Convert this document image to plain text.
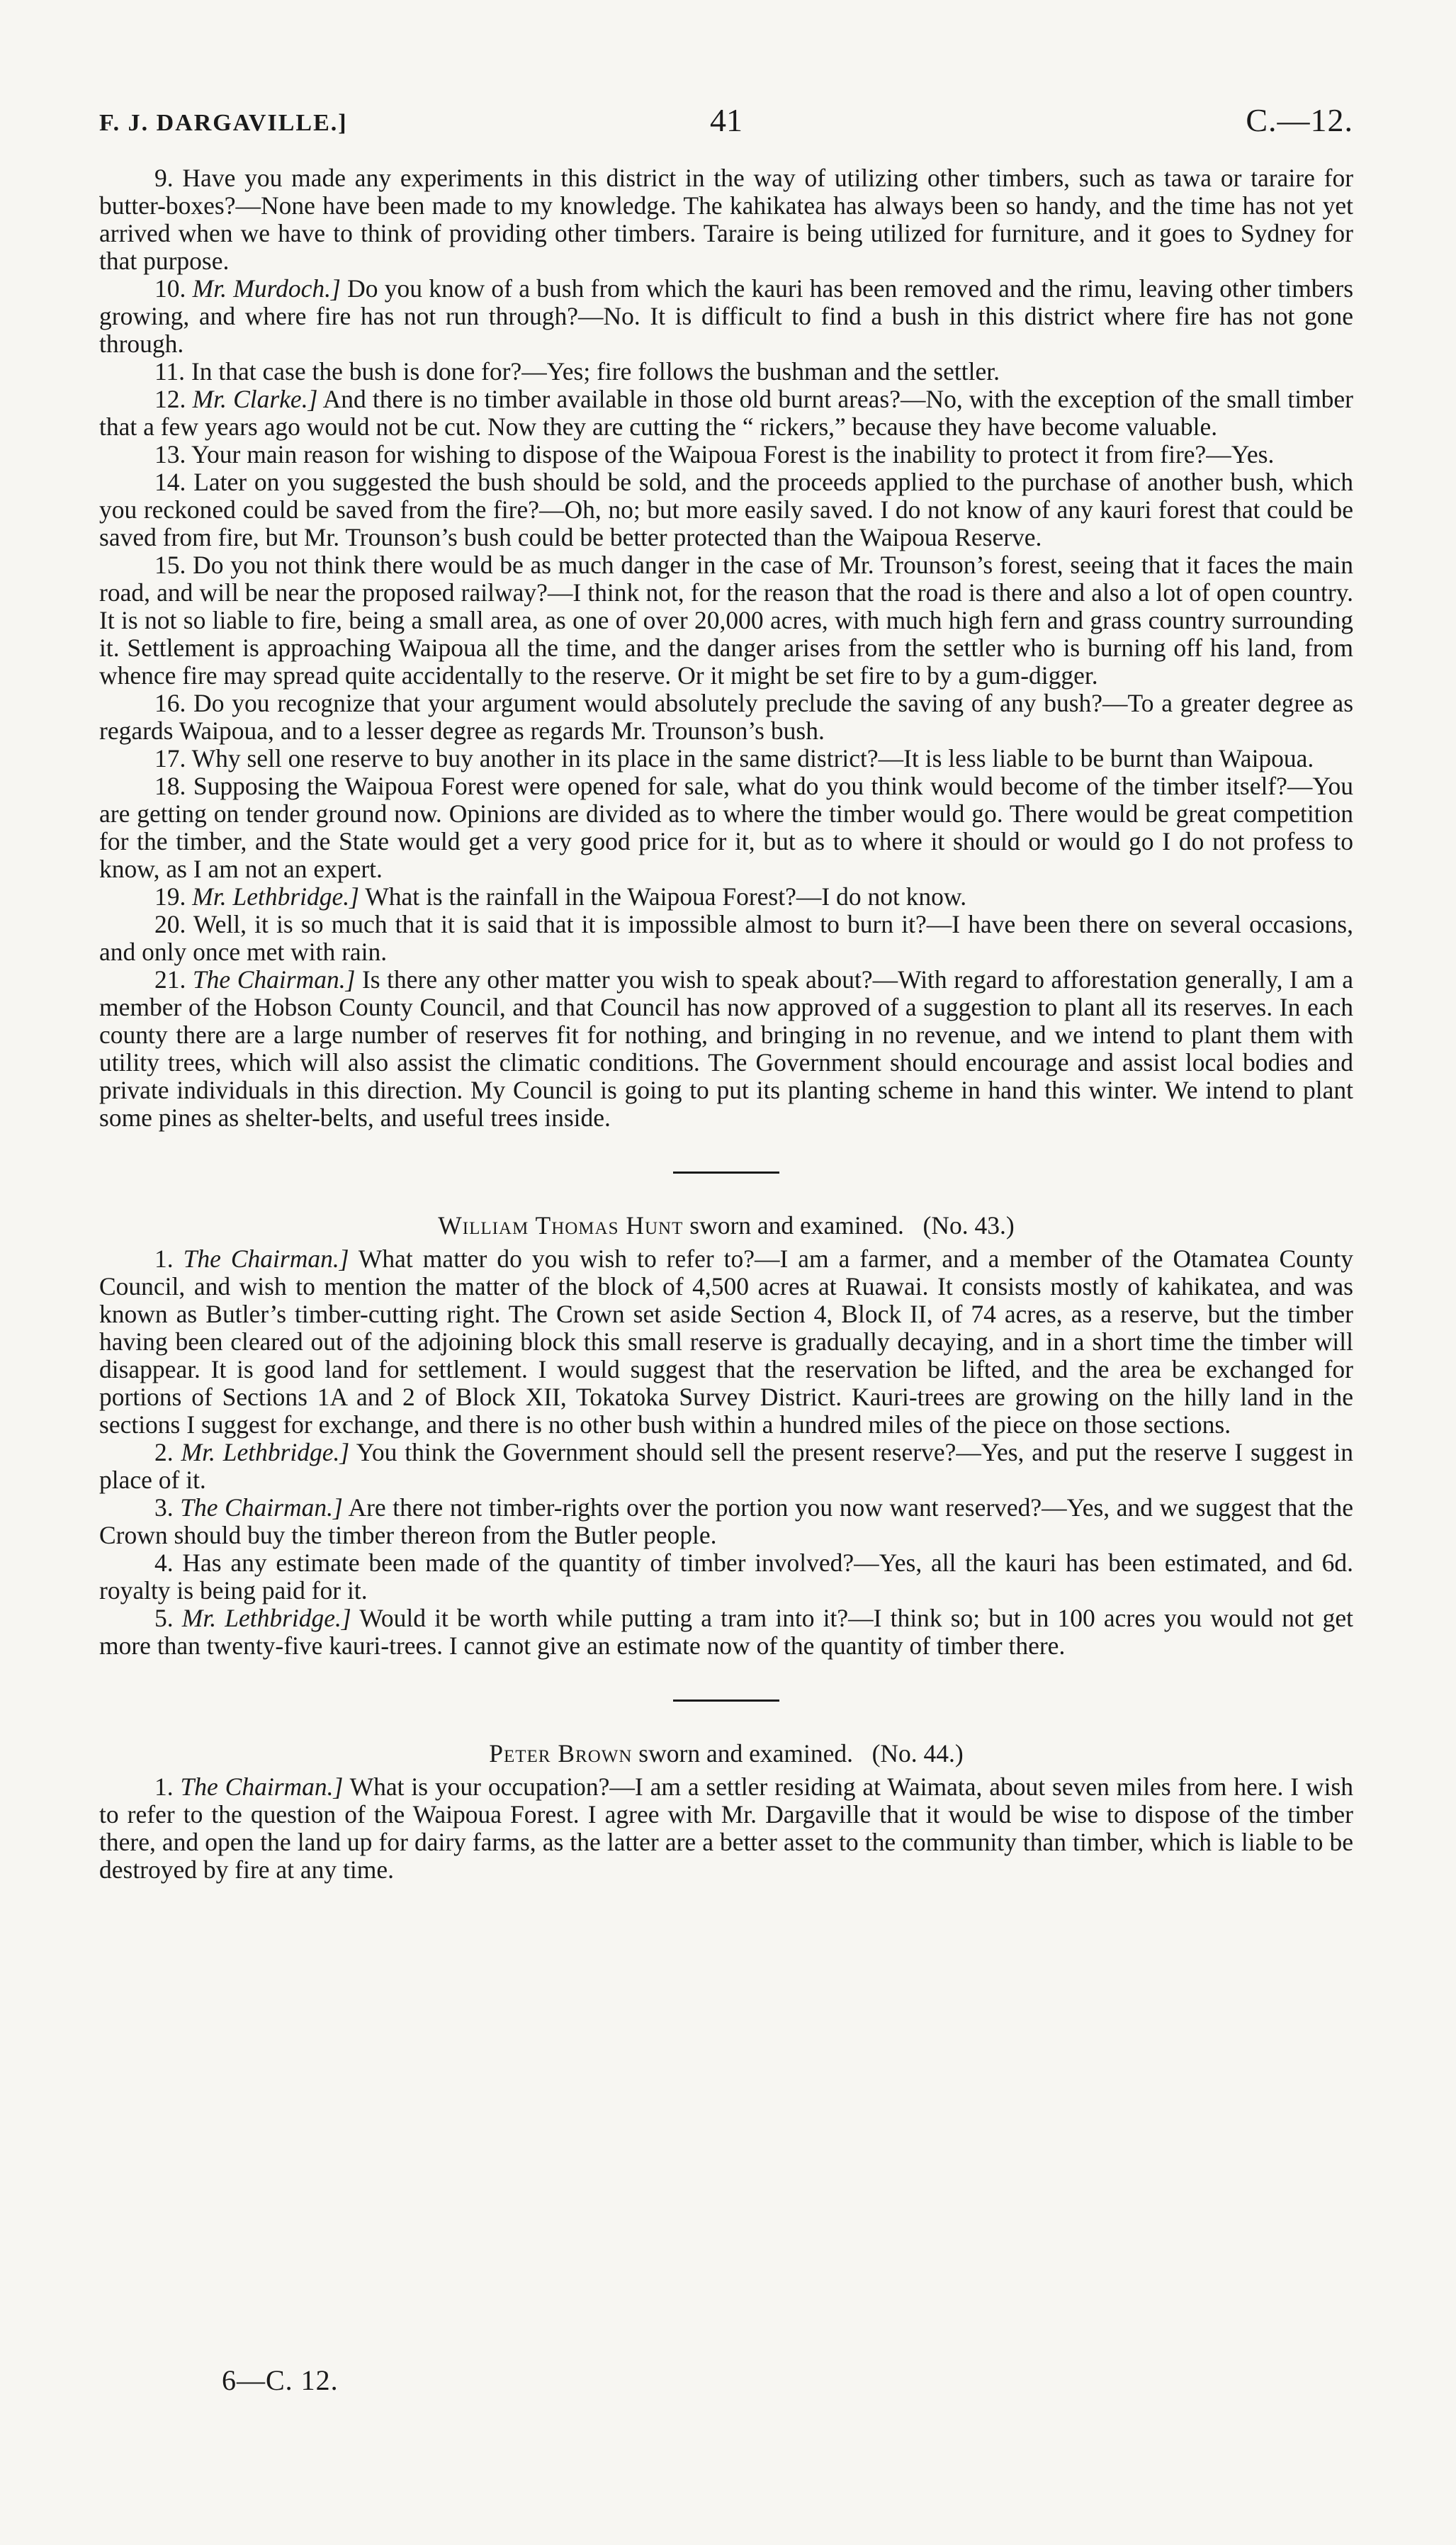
F. J. DARGAVILLE.]	41	C.—12.

9. Have you made any experiments in this district in the way of utilizing other timbers, such as tawa or taraire for butter-boxes?—None have been made to my knowledge. The kahikatea has always been so handy, and the time has not yet arrived when we have to think of providing other timbers. Taraire is being utilized for furniture, and it goes to Sydney for that purpose.

10. Mr. Murdoch.] Do you know of a bush from which the kauri has been removed and the rimu, leaving other timbers growing, and where fire has not run through?—No. It is difficult to find a bush in this district where fire has not gone through.

11. In that case the bush is done for?—Yes; fire follows the bushman and the settler.

12. Mr. Clarke.] And there is no timber available in those old burnt areas?—No, with the exception of the small timber that a few years ago would not be cut. Now they are cutting the “ rickers,” because they have become valuable.

13. Your main reason for wishing to dispose of the Waipoua Forest is the inability to protect it from fire?—Yes.

14. Later on you suggested the bush should be sold, and the proceeds applied to the purchase of another bush, which you reckoned could be saved from the fire?—Oh, no; but more easily saved. I do not know of any kauri forest that could be saved from fire, but Mr. Trounson’s bush could be better protected than the Waipoua Reserve.

15. Do you not think there would be as much danger in the case of Mr. Trounson’s forest, seeing that it faces the main road, and will be near the proposed railway?—I think not, for the reason that the road is there and also a lot of open country. It is not so liable to fire, being a small area, as one of over 20,000 acres, with much high fern and grass country surrounding it. Settlement is approaching Waipoua all the time, and the danger arises from the settler who is burning off his land, from whence fire may spread quite accidentally to the reserve. Or it might be set fire to by a gum-digger.

16. Do you recognize that your argument would absolutely preclude the saving of any bush?—To a greater degree as regards Waipoua, and to a lesser degree as regards Mr. Trounson’s bush.

17. Why sell one reserve to buy another in its place in the same district?—It is less liable to be burnt than Waipoua.

18. Supposing the Waipoua Forest were opened for sale, what do you think would become of the timber itself?—You are getting on tender ground now. Opinions are divided as to where the timber would go. There would be great competition for the timber, and the State would get a very good price for it, but as to where it should or would go I do not profess to know, as I am not an expert.

19. Mr. Lethbridge.] What is the rainfall in the Waipoua Forest?—I do not know.

20. Well, it is so much that it is said that it is impossible almost to burn it?—I have been there on several occasions, and only once met with rain.

21. The Chairman.] Is there any other matter you wish to speak about?—With regard to afforestation generally, I am a member of the Hobson County Council, and that Council has now approved of a suggestion to plant all its reserves. In each county there are a large number of reserves fit for nothing, and bringing in no revenue, and we intend to plant them with utility trees, which will also assist the climatic conditions. The Government should encourage and assist local bodies and private individuals in this direction. My Council is going to put its planting scheme in hand this winter. We intend to plant some pines as shelter-belts, and useful trees inside.

William Thomas Hunt sworn and examined. (No. 43.)

1. The Chairman.] What matter do you wish to refer to?—I am a farmer, and a member of the Otamatea County Council, and wish to mention the matter of the block of 4,500 acres at Ruawai. It consists mostly of kahikatea, and was known as Butler’s timber-cutting right. The Crown set aside Section 4, Block II, of 74 acres, as a reserve, but the timber having been cleared out of the adjoining block this small reserve is gradually decaying, and in a short time the timber will disappear. It is good land for settlement. I would suggest that the reservation be lifted, and the area be exchanged for portions of Sections 1A and 2 of Block XII, Tokatoka Survey District. Kauri-trees are growing on the hilly land in the sections I suggest for exchange, and there is no other bush within a hundred miles of the piece on those sections.

2. Mr. Lethbridge.] You think the Government should sell the present reserve?—Yes, and put the reserve I suggest in place of it.

3. The Chairman.] Are there not timber-rights over the portion you now want reserved?—Yes, and we suggest that the Crown should buy the timber thereon from the Butler people.

4. Has any estimate been made of the quantity of timber involved?—Yes, all the kauri has been estimated, and 6d. royalty is being paid for it.

5. Mr. Lethbridge.] Would it be worth while putting a tram into it?—I think so; but in 100 acres you would not get more than twenty-five kauri-trees. I cannot give an estimate now of the quantity of timber there.

Peter Brown sworn and examined. (No. 44.)

1. The Chairman.] What is your occupation?—I am a settler residing at Waimata, about seven miles from here. I wish to refer to the question of the Waipoua Forest. I agree with Mr. Dargaville that it would be wise to dispose of the timber there, and open the land up for dairy farms, as the latter are a better asset to the community than timber, which is liable to be destroyed by fire at any time.

6—C. 12.
